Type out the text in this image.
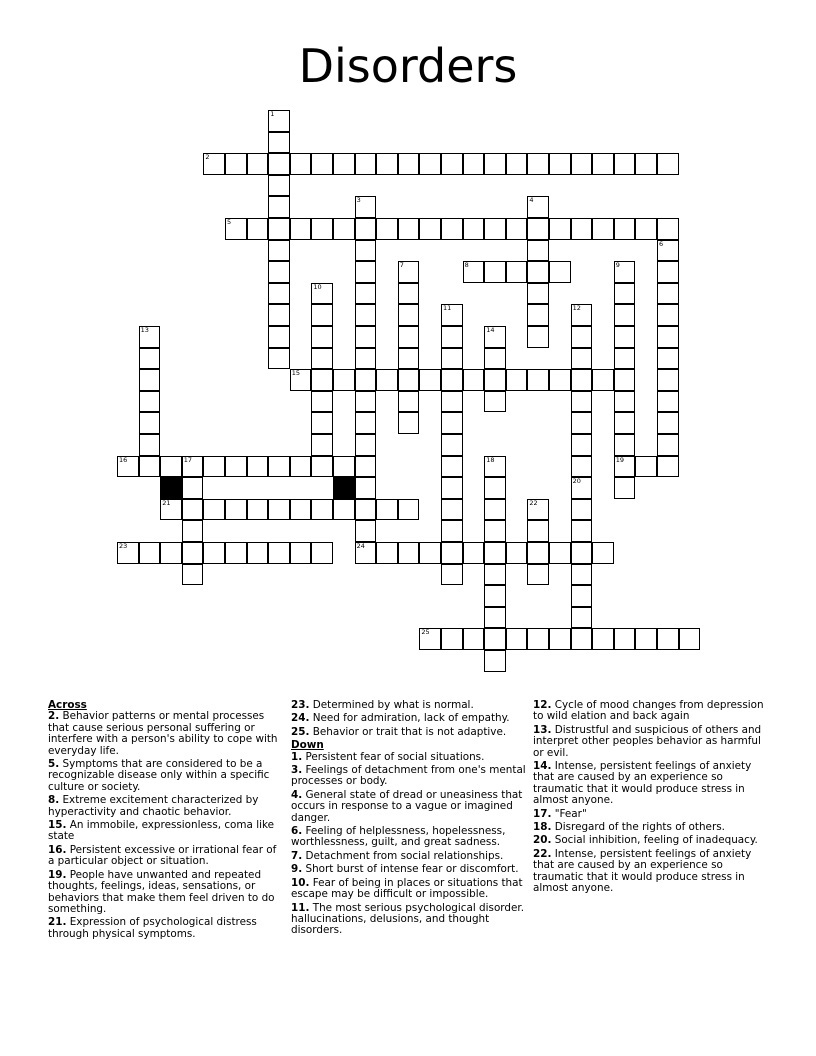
Disorders
2
5
8
15
16	17	19
21
23	24
25
1
3	4
6
7	9
10
11	12
13	14
18
20
22
Across
2. Behavior patterns or mental processes that cause serious personal suffering or interfere with a person's ability to cope with everyday life.
5. Symptoms that are considered to be a recognizable disease only within a specific culture or society.
8. Extreme excitement characterized by hyperactivity and chaotic behavior.
15. An immobile, expressionless, coma like state
16. Persistent excessive or irrational fear of a particular object or situation.
19. People have unwanted and repeated thoughts, feelings, ideas, sensations, or behaviors that make them feel driven to do something.
21. Expression of psychological distress through physical symptoms.
23. Determined by what is normal.
24. Need for admiration, lack of empathy.
25. Behavior or trait that is not adaptive.
Down
1. Persistent fear of social situations.
3. Feelings of detachment from one's mental processes or body.
4. General state of dread or uneasiness that occurs in response to a vague or imagined danger.
6. Feeling of helplessness, hopelessness, worthlessness, guilt, and great sadness.
7. Detachment from social relationships.
9. Short burst of intense fear or discomfort.
10. Fear of being in places or situations that escape may be difficult or impossible.
11. The most serious psychological disorder. hallucinations, delusions, and thought disorders.
12. Cycle of mood changes from depression to wild elation and back again
13. Distrustful and suspicious of others and interpret other peoples behavior as harmful or evil.
14. Intense, persistent feelings of anxiety that are caused by an experience so traumatic that it would produce stress in almost anyone.
17. "Fear"
18. Disregard of the rights of others.
20. Social inhibition, feeling of inadequacy.
22. Intense, persistent feelings of anxiety that are caused by an experience so traumatic that it would produce stress in almost anyone.
